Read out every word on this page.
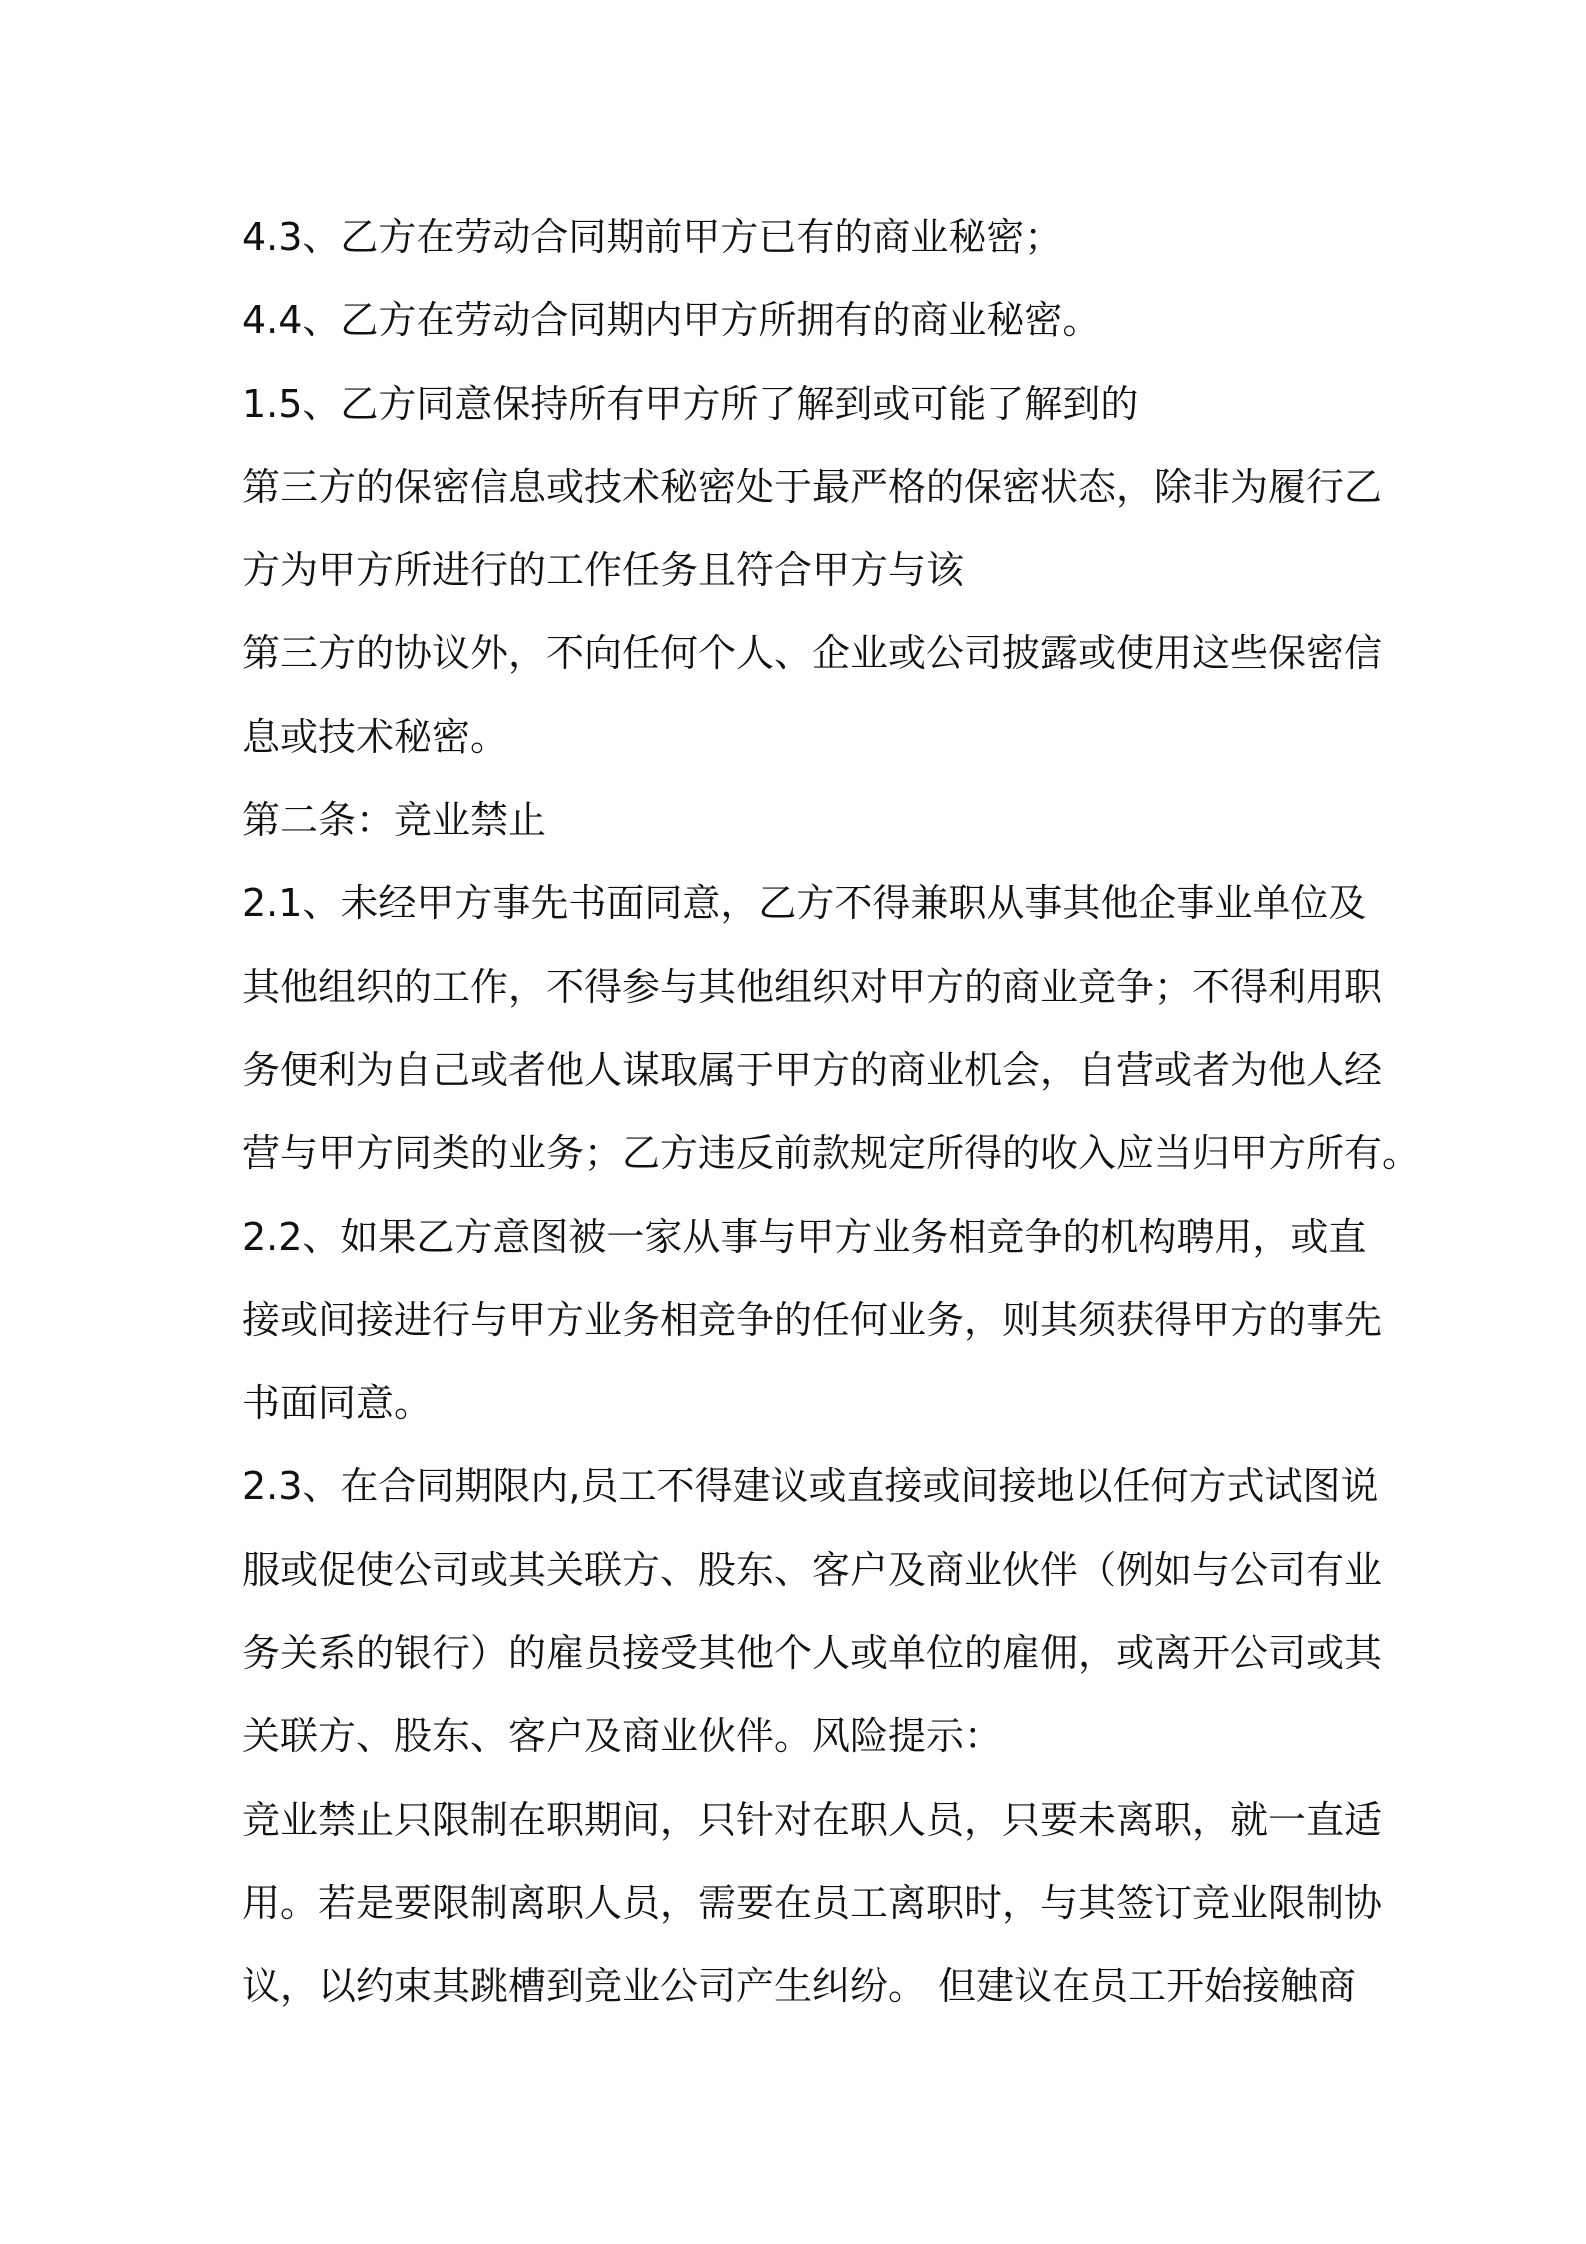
4.3、乙方在劳动合同期前甲方已有的商业秘密；
4.4、乙方在劳动合同期内甲方所拥有的商业秘密。
1.5、乙方同意保持所有甲方所了解到或可能了解到的
第三方的保密信息或技术秘密处于最严格的保密状态，除非为履行乙
方为甲方所进行的工作任务且符合甲方与该
第三方的协议外，不向任何个人、企业或公司披露或使用这些保密信
息或技术秘密。
第二条：竞业禁止
2.1、未经甲方事先书面同意，乙方不得兼职从事其他企事业单位及
其他组织的工作，不得参与其他组织对甲方的商业竞争；不得利用职
务便利为自己或者他人谋取属于甲方的商业机会，自营或者为他人经
营与甲方同类的业务；乙方违反前款规定所得的收入应当归甲方所有。
2.2、如果乙方意图被一家从事与甲方业务相竞争的机构聘用，或直
接或间接进行与甲方业务相竞争的任何业务，则其须获得甲方的事先
书面同意。
2.3、在合同期限内,员工不得建议或直接或间接地以任何方式试图说
服或促使公司或其关联方、股东、客户及商业伙伴（例如与公司有业
务关系的银行）的雇员接受其他个人或单位的雇佣，或离开公司或其
关联方、股东、客户及商业伙伴。风险提示：
竞业禁止只限制在职期间，只针对在职人员，只要未离职，就一直适
用。若是要限制离职人员，需要在员工离职时，与其签订竞业限制协
议，以约束其跳槽到竞业公司产生纠纷。 但建议在员工开始接触商
